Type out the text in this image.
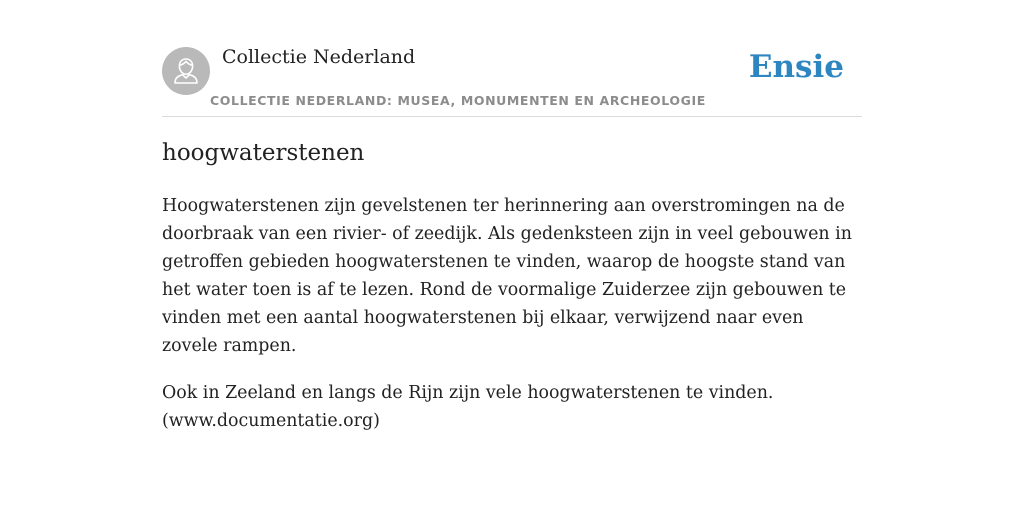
Collectie Nederland
COLLECTIE NEDERLAND: MUSEA, MONUMENTEN EN ARCHEOLOGIE
Ensie
hoogwaterstenen

Hoogwaterstenen zijn gevelstenen ter herinnering aan overstromingen na de doorbraak van een rivier- of zeedijk. Als gedenksteen zijn in veel gebouwen in getroffen gebieden hoogwaterstenen te vinden, waarop de hoogste stand van het water toen is af te lezen. Rond de voormalige Zuiderzee zijn gebouwen te vinden met een aantal hoogwaterstenen bij elkaar, verwijzend naar even zovele rampen.

Ook in Zeeland en langs de Rijn zijn vele hoogwaterstenen te vinden. (www.documentatie.org)
